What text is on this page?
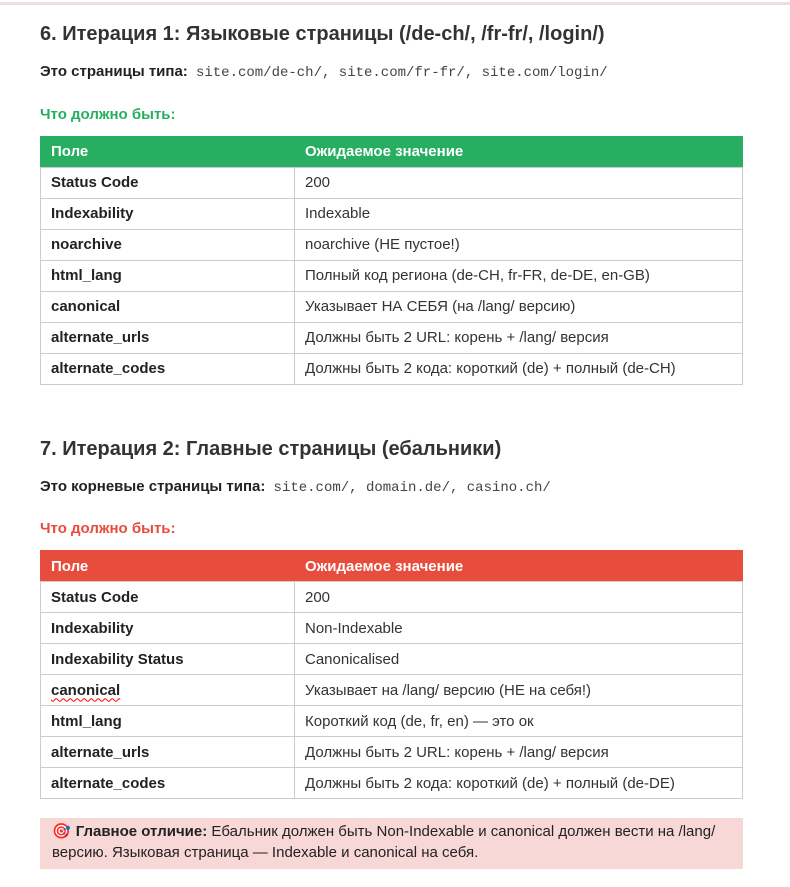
6. Итерация 1: Языковые страницы (/de-ch/, /fr-fr/, /login/)

Это страницы типа: site.com/de-ch/, site.com/fr-fr/, site.com/login/

Что должно быть:

Поле	Ожидаемое значение
Status Code	200
Indexability	Indexable
noarchive	noarchive (НЕ пустое!)
html_lang	Полный код региона (de-CH, fr-FR, de-DE, en-GB)
canonical	Указывает НА СЕБЯ (на /lang/ версию)
alternate_urls	Должны быть 2 URL: корень + /lang/ версия
alternate_codes	Должны быть 2 кода: короткий (de) + полный (de-CH)
7. Итерация 2: Главные страницы (ебальники)

Это корневые страницы типа: site.com/, domain.de/, casino.ch/

Что должно быть:

Поле	Ожидаемое значение
Status Code	200
Indexability	Non-Indexable
Indexability Status	Canonicalised
canonical	Указывает на /lang/ версию (НЕ на себя!)
html_lang	Короткий код (de, fr, en) — это ок
alternate_urls	Должны быть 2 URL: корень + /lang/ версия
alternate_codes	Должны быть 2 кода: короткий (de) + полный (de-DE)
🎯 Главное отличие: Ебальник должен быть Non-Indexable и canonical должен вести на /lang/ версию. Языковая страница — Indexable и canonical на себя.
